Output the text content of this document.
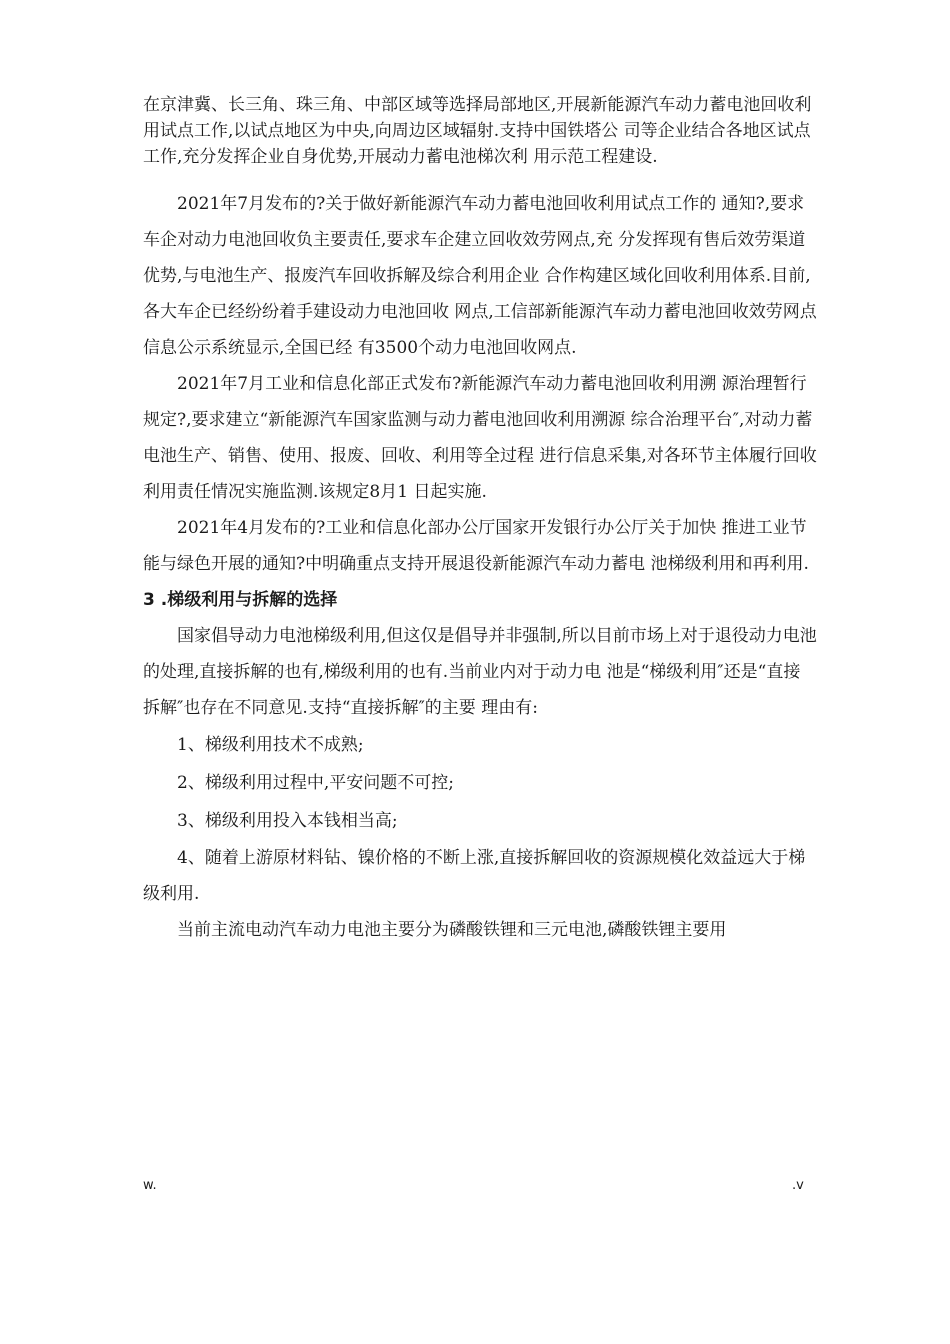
在京津冀、长三角、珠三角、中部区域等选择局部地区,开展新能源汽车动力蓄电池回收利用试点工作,以试点地区为中央,向周边区域辐射.支持中国铁塔公 司等企业结合各地区试点工作,充分发挥企业自身优势,开展动力蓄电池梯次利 用示范工程建设.

2021年7月发布的?关于做好新能源汽车动力蓄电池回收利用试点工作的 通知?,要求车企对动力电池回收负主要责任,要求车企建立回收效劳网点,充 分发挥现有售后效劳渠道优势,与电池生产、报废汽车回收拆解及综合利用企业 合作构建区域化回收利用体系.目前,各大车企已经纷纷着手建设动力电池回收 网点,工信部新能源汽车动力蓄电池回收效劳网点信息公示系统显示,全国已经 有3500个动力电池回收网点.

2021年7月工业和信息化部正式发布?新能源汽车动力蓄电池回收利用溯 源治理暂行规定?,要求建立“新能源汽车国家监测与动力蓄电池回收利用溯源 综合治理平台″,对动力蓄电池生产、销售、使用、报废、回收、利用等全过程 进行信息采集,对各环节主体履行回收利用责任情况实施监测.该规定8月1 日起实施.

2021年4月发布的?工业和信息化部办公厅国家开发银行办公厅关于加快 推进工业节能与绿色开展的通知?中明确重点支持开展退役新能源汽车动力蓄电 池梯级利用和再利用.

3 .梯级利用与拆解的选择

国家倡导动力电池梯级利用,但这仅是倡导并非强制,所以目前市场上对于退役动力电池的处理,直接拆解的也有,梯级利用的也有.当前业内对于动力电 池是“梯级利用″还是“直接拆解″也存在不同意见.支持“直接拆解″的主要 理由有:

1、梯级利用技术不成熟;

2、梯级利用过程中,平安问题不可控;

3、梯级利用投入本钱相当高;

4、随着上游原材料钻、镍价格的不断上涨,直接拆解回收的资源规模化效益远大于梯级利用.

当前主流电动汽车动力电池主要分为磷酸铁锂和三元电池,磷酸铁锂主要用

w.	.v
